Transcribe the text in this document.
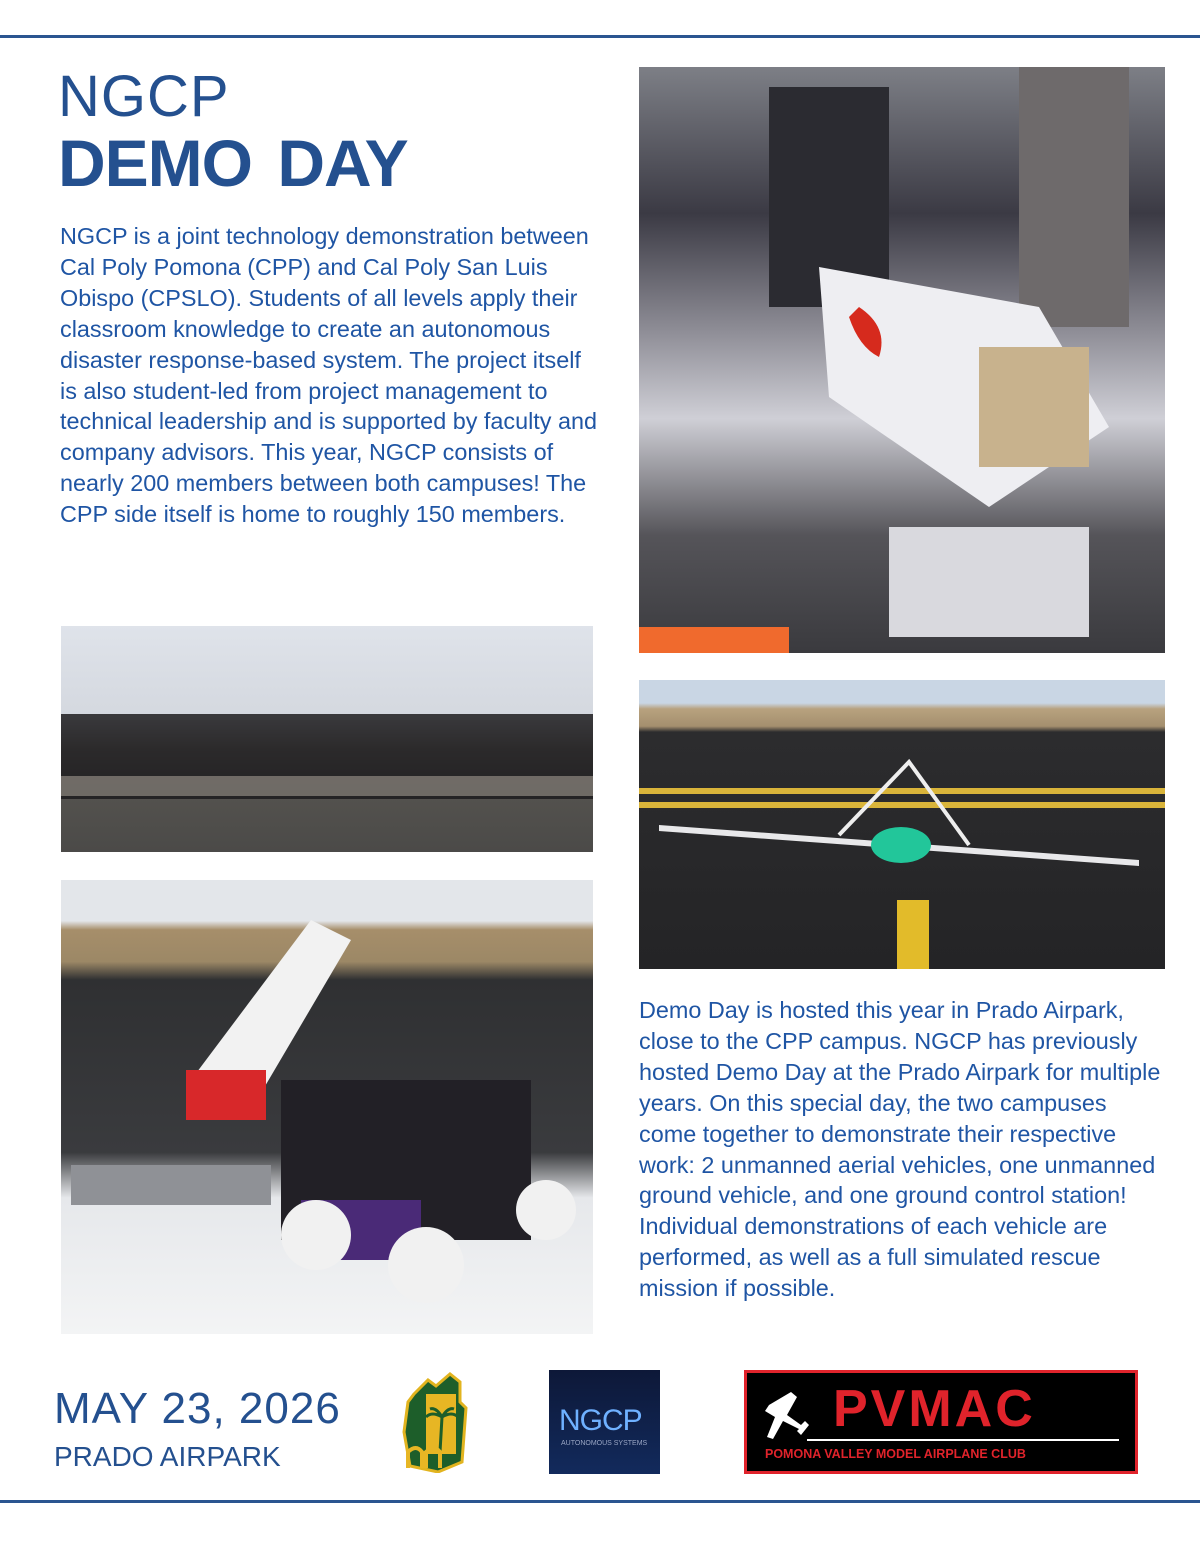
NGCP
DEMO DAY
NGCP is a joint technology demonstration between Cal Poly Pomona (CPP) and Cal Poly San Luis Obispo (CPSLO). Students of all levels apply their classroom knowledge to create an autonomous disaster response-based system. The project itself is also student-led from project management to technical leadership and is supported by faculty and company advisors. This year, NGCP consists of nearly 200 members between both campuses! The CPP side itself is home to roughly 150 members.
Demo Day is hosted this year in Prado Airpark, close to the CPP campus. NGCP has previously hosted Demo Day at the Prado Airpark for multiple years. On this special day, the two campuses come together to demonstrate their respective work: 2 unmanned aerial vehicles, one unmanned ground vehicle, and one ground control station! Individual demonstrations of each vehicle are performed, as well as a full simulated rescue mission if possible.
MAY 23, 2026
PRADO AIRPARK
NGCP
AUTONOMOUS SYSTEMS
PVMAC
POMONA VALLEY MODEL AIRPLANE CLUB
